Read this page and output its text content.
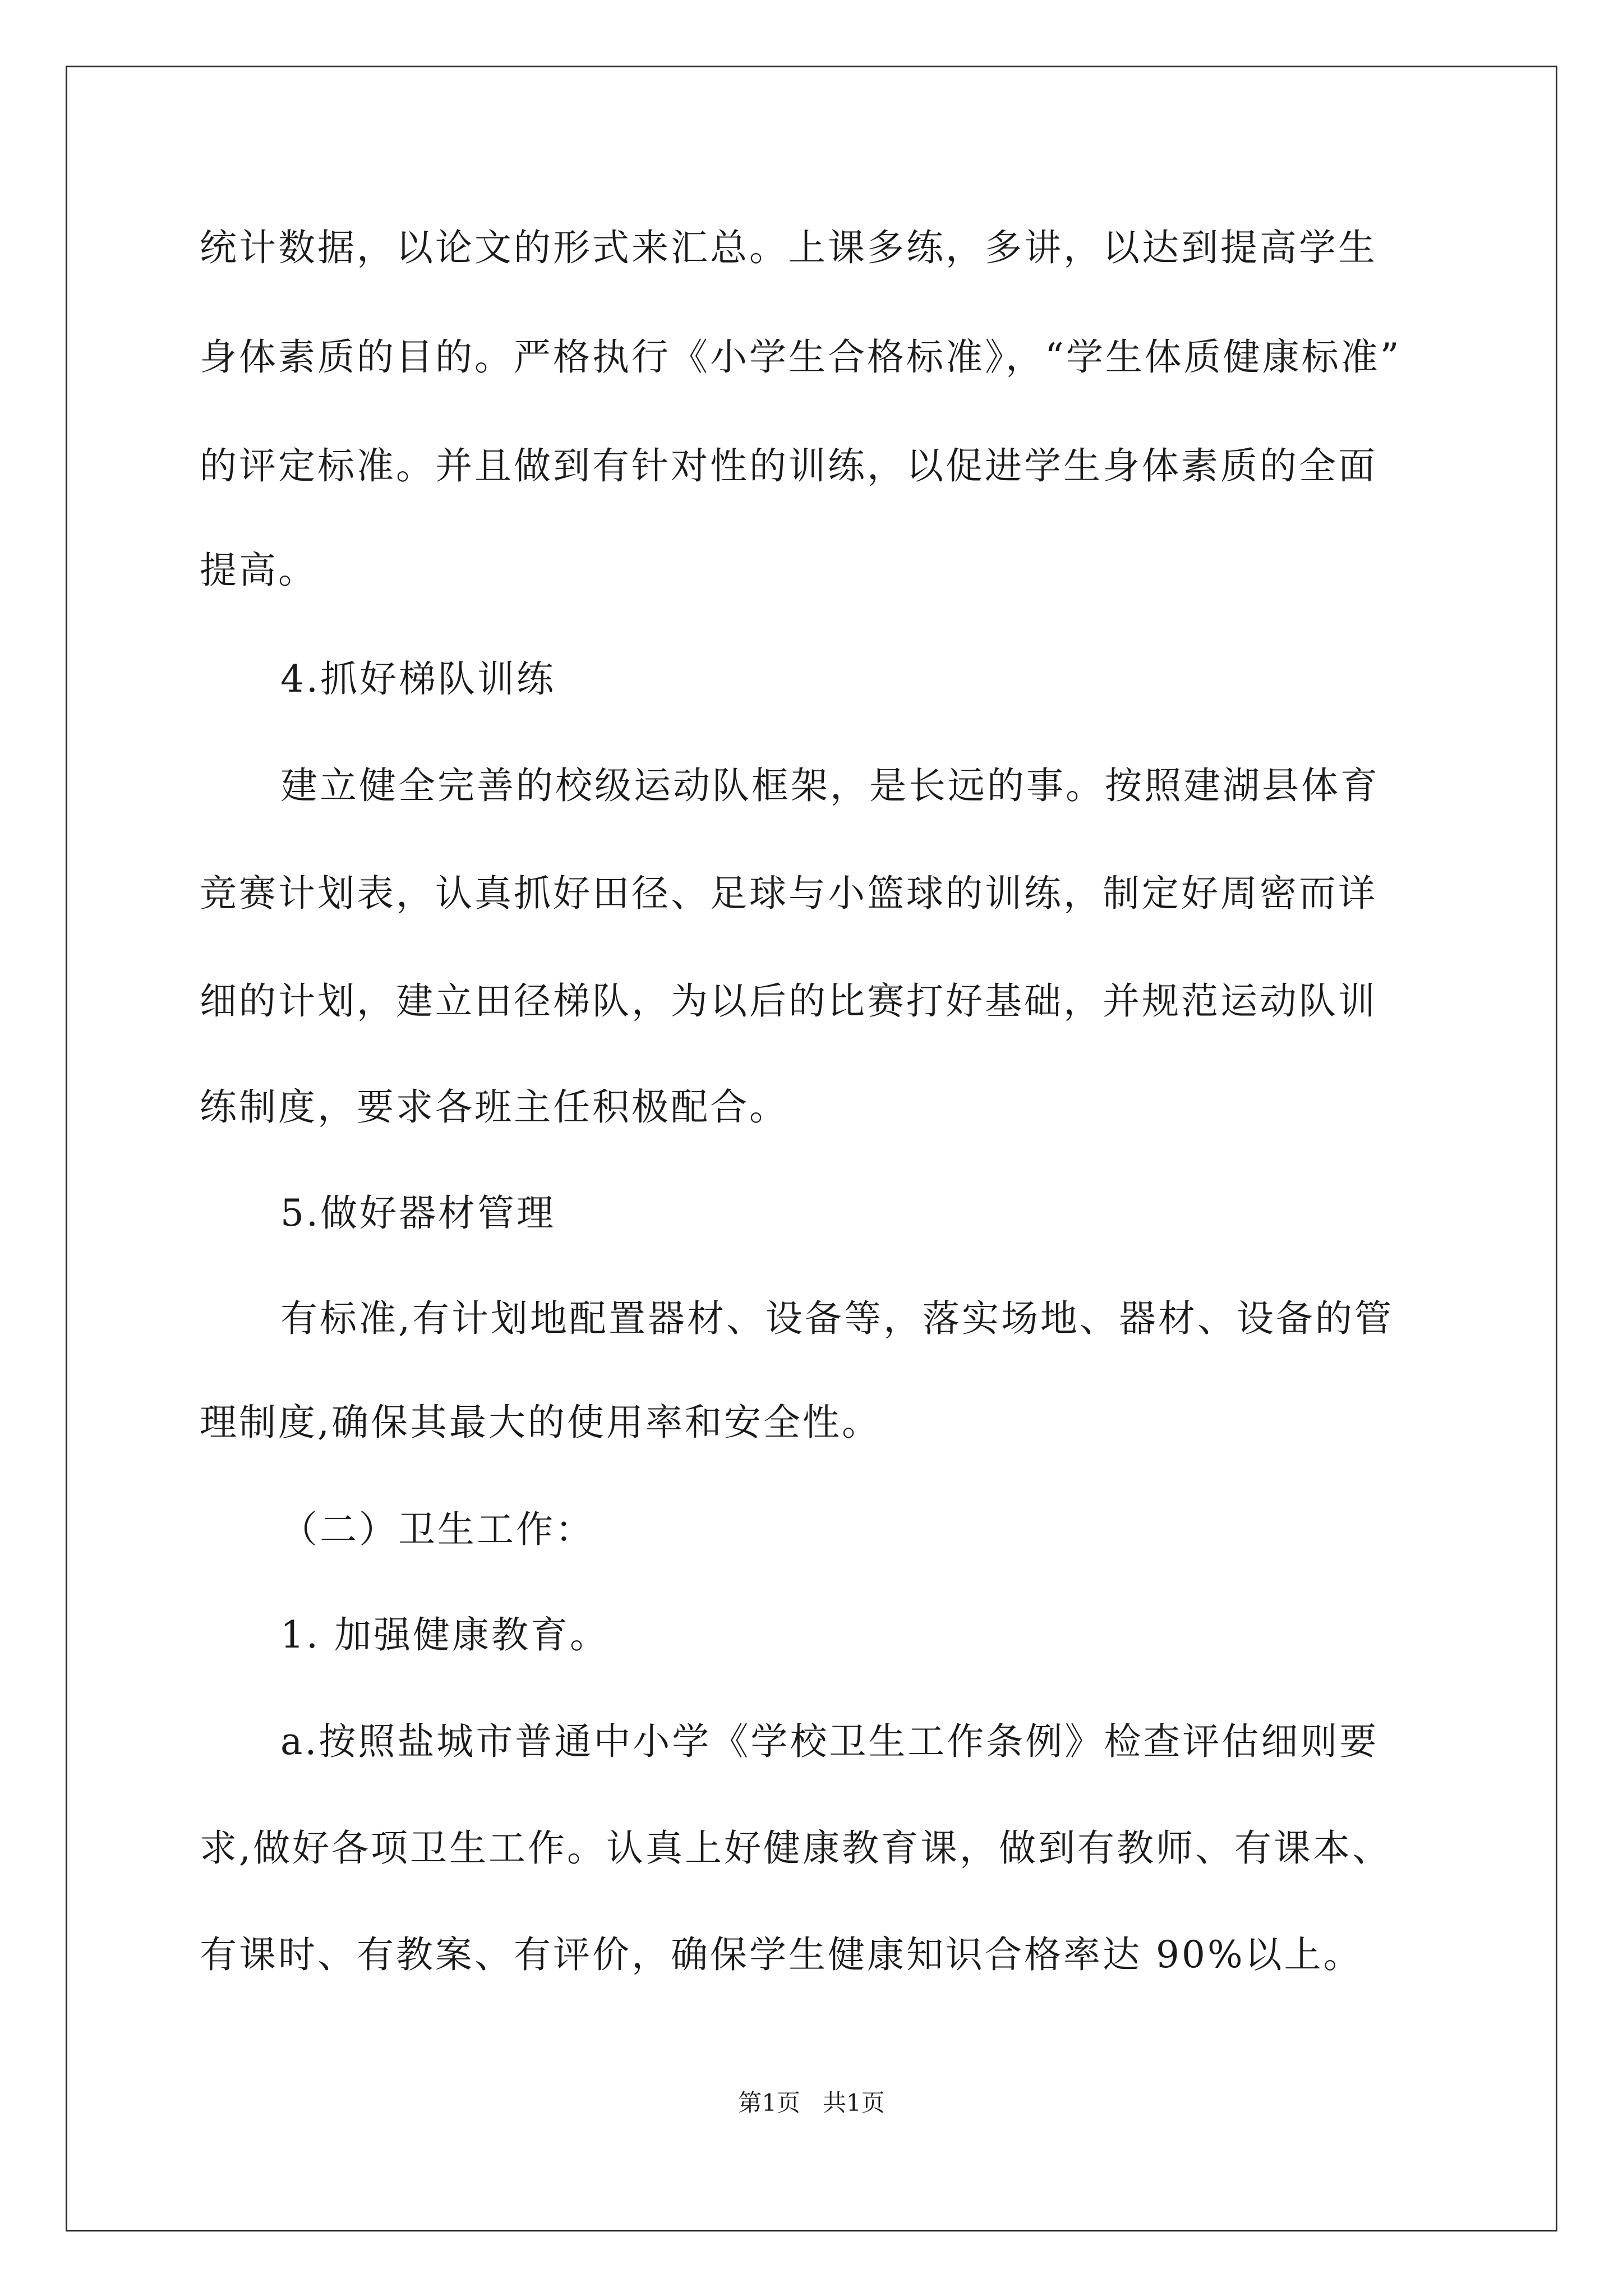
统计数据，以论文的形式来汇总。上课多练，多讲，以达到提高学生
身体素质的目的。严格执行《小学生合格标准》，“学生体质健康标准”
的评定标准。并且做到有针对性的训练，以促进学生身体素质的全面
提高。
4.抓好梯队训练
建立健全完善的校级运动队框架，是长远的事。按照建湖县体育
竞赛计划表，认真抓好田径、足球与小篮球的训练，制定好周密而详
细的计划，建立田径梯队，为以后的比赛打好基础，并规范运动队训
练制度，要求各班主任积极配合。
5.做好器材管理
有标准,有计划地配置器材、设备等，落实场地、器材、设备的管
理制度,确保其最大的使用率和安全性。
（二）卫生工作：
1. 加强健康教育。
a.按照盐城市普通中小学《学校卫生工作条例》检查评估细则要
求,做好各项卫生工作。认真上好健康教育课，做到有教师、有课本、
有课时、有教案、有评价，确保学生健康知识合格率达 90%以上。
第1页   共1页
